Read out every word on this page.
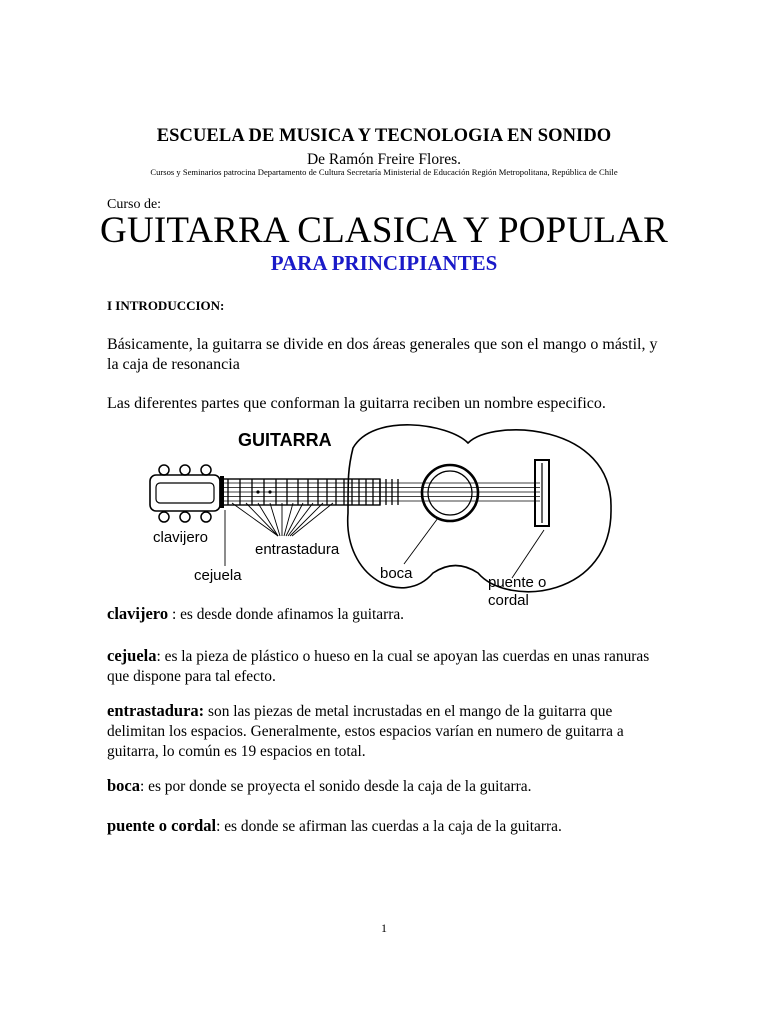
ESCUELA DE MUSICA Y TECNOLOGIA EN SONIDO
De Ramón Freire Flores.
Cursos y Seminarios patrocina Departamento de Cultura Secretaría Ministerial de Educación Región Metropolitana, República de Chile
Curso de:
GUITARRA CLASICA Y POPULAR
PARA PRINCIPIANTES
I INTRODUCCION:
Básicamente, la guitarra se divide en dos áreas generales que son el mango o mástil, y la caja de resonancia
Las diferentes partes que conforman la guitarra reciben un nombre especifico.
GUITARRA
clavijero
entrastadura
cejuela	boca
puente o
cordal
clavijero : es desde donde afinamos la guitarra.
cejuela: es la pieza de plástico o hueso en la cual se apoyan las cuerdas en unas ranuras que dispone para tal efecto.
entrastadura: son las piezas de metal incrustadas en el mango de la guitarra que delimitan los espacios. Generalmente, estos espacios varían en numero de guitarra a guitarra, lo común es 19 espacios en total.
boca: es por donde se proyecta el sonido desde la caja de la guitarra.
puente o cordal: es donde se afirman las cuerdas a la caja de la guitarra.
1
